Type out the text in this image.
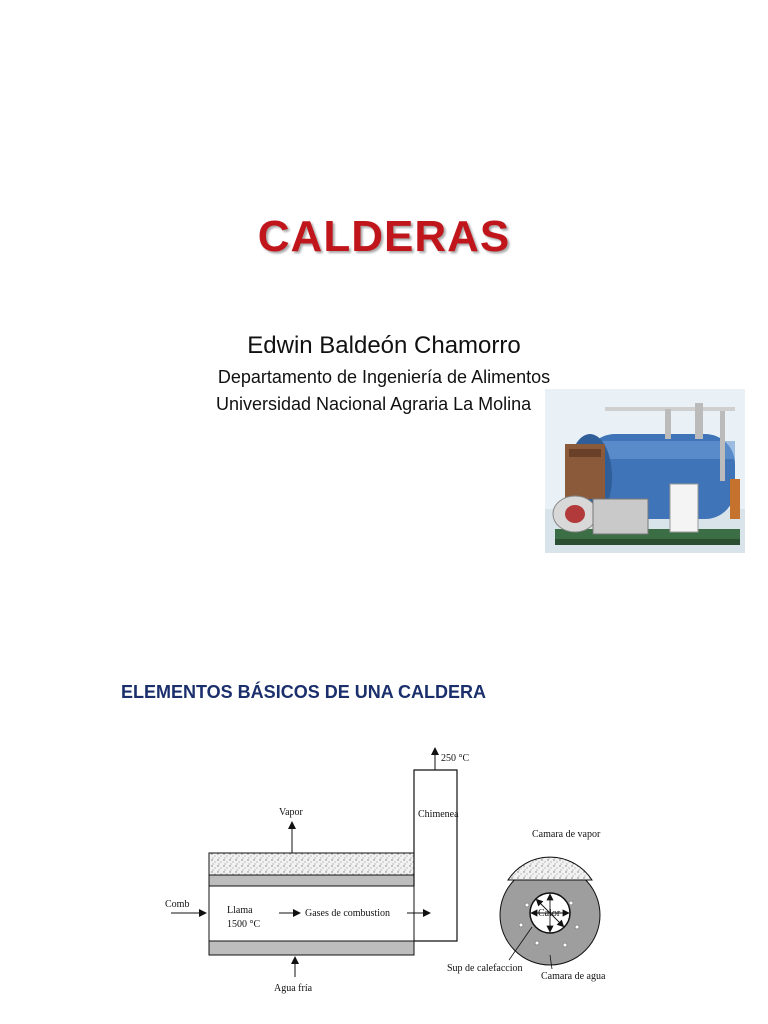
CALDERAS
Edwin Baldeón Chamorro
Departamento de Ingeniería de Alimentos
Universidad Nacional Agraria La Molina
ELEMENTOS BÁSICOS DE UNA CALDERA
250 °C
Vapor	Chimenea
Comb
Llama
1500 °C
Gases de combustion
Agua fría
Camara de vapor
Calor
Sup de calefaccion
Camara de agua
